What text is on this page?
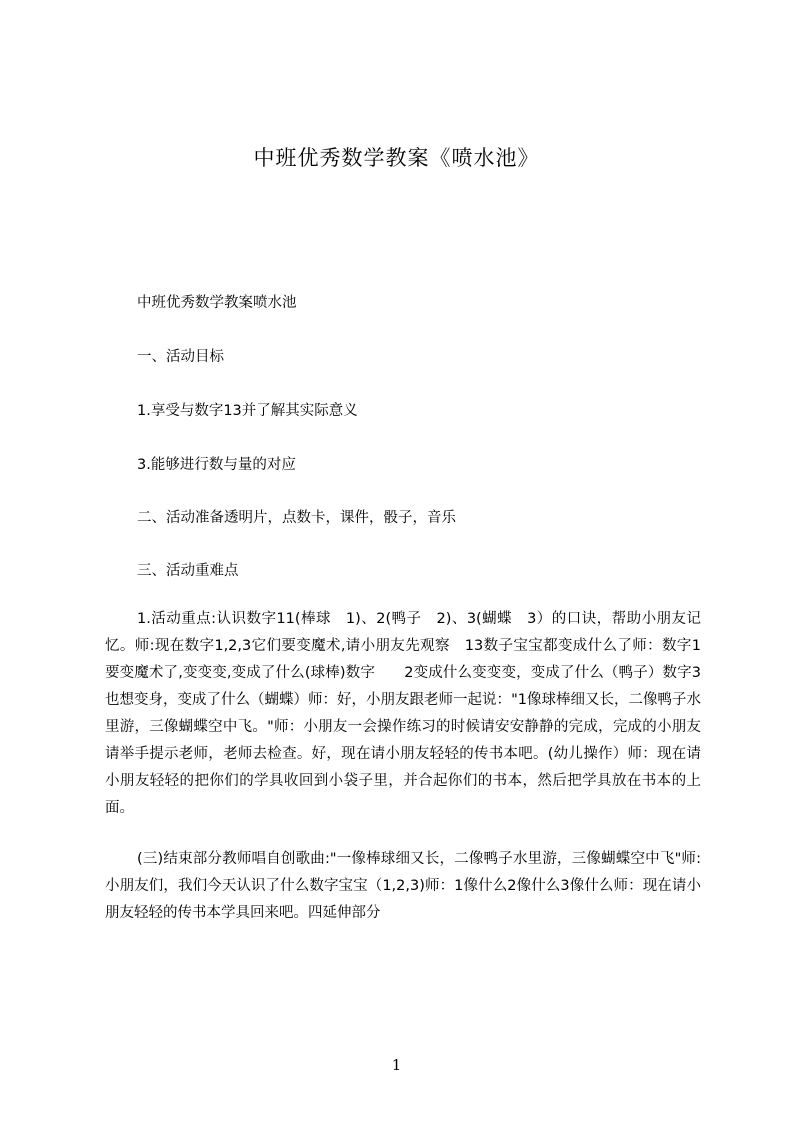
中班优秀数学教案《喷水池》
中班优秀数学教案喷水池
一、活动目标
1.享受与数字13并了解其实际意义
3.能够进行数与量的对应
二、活动准备透明片，点数卡，课件，骰子，音乐
三、活动重难点
1.活动重点:认识数字11(棒球　1)、2(鸭子　2)、3(蝴蝶　3）的口诀，帮助小朋友记忆。师:现在数字1,2,3它们要变魔术,请小朋友先观察　13数子宝宝都变成什么了师：数字1要变魔术了,变变变,变成了什么(球棒)数字　　2变成什么变变变，变成了什么（鸭子）数字3也想变身，变成了什么（蝴蝶）师：好，小朋友跟老师一起说："1像球棒细又长，二像鸭子水里游，三像蝴蝶空中飞。"师：小朋友一会操作练习的时候请安安静静的完成，完成的小朋友请举手提示老师，老师去检查。好，现在请小朋友轻轻的传书本吧。(幼儿操作）师：现在请小朋友轻轻的把你们的学具收回到小袋子里，并合起你们的书本，然后把学具放在书本的上面。
(三)结束部分教师唱自创歌曲:"一像棒球细又长，二像鸭子水里游，三像蝴蝶空中飞"师:小朋友们，我们今天认识了什么数字宝宝（1,2,3)师：1像什么2像什么3像什么师：现在请小朋友轻轻的传书本学具回来吧。四延伸部分
1
